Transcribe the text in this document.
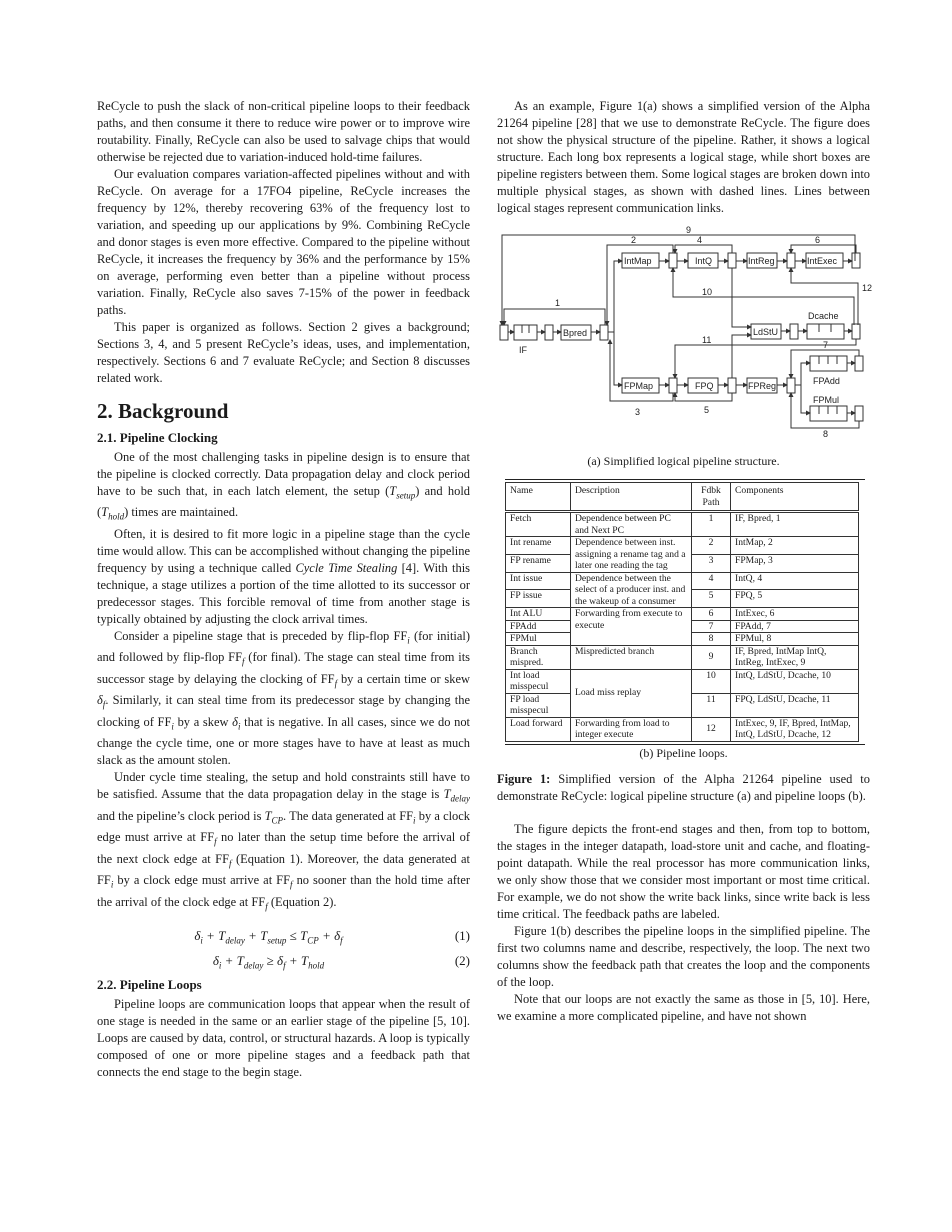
ReCycle to push the slack of non-critical pipeline loops to their feedback paths, and then consume it there to reduce wire power or to improve wire routability. Finally, ReCycle can also be used to salvage chips that would otherwise be rejected due to variation-induced hold-time failures.

Our evaluation compares variation-affected pipelines without and with ReCycle. On average for a 17FO4 pipeline, ReCycle increases the frequency by 12%, thereby recovering 63% of the frequency lost to variation, and speeding up our applications by 9%. Combining ReCycle and donor stages is even more effective. Compared to the pipeline without ReCycle, it increases the frequency by 36% and the performance by 15% on average, performing even better than a pipeline without process variation. Finally, ReCycle also saves 7-15% of the power in feedback paths.

This paper is organized as follows. Section 2 gives a background; Sections 3, 4, and 5 present ReCycle’s ideas, uses, and implementation, respectively. Sections 6 and 7 evaluate ReCycle; and Section 8 discusses related work.

2. Background
2.1. Pipeline Clocking

One of the most challenging tasks in pipeline design is to ensure that the pipeline is clocked correctly. Data propagation delay and clock period have to be such that, in each latch element, the setup $(T_{setup})$ and hold $(T_{hold})$ times are maintained.

Often, it is desired to fit more logic in a pipeline stage than the cycle time would allow. This can be accomplished without changing the pipeline frequency by using a technique called Cycle Time Stealing [4]. With this technique, a stage utilizes a portion of the time allotted to its successor or predecessor stages. This forcible removal of time from another stage is typically obtained by adjusting the clock arrival times.

Consider a pipeline stage that is preceded by flip-flop $FF_i$ (for initial) and followed by flip-flop $FF_f$ (for final). The stage can steal time from its successor stage by delaying the clocking of $FF_f$ by a certain time or skew $\delta_f$. Similarly, it can steal time from its predecessor stage by changing the clocking of $FF_i$ by a skew $\delta_i$ that is negative. In all cases, since we do not change the cycle time, one or more stages have to have at least as much slack as the amount stolen.

Under cycle time stealing, the setup and hold constraints still have to be satisfied. Assume that the data propagation delay in the stage is $T_{delay}$ and the pipeline’s clock period is $T_{CP}$. The data generated at $FF_i$ by a clock edge must arrive at $FF_f$ no later than the setup time before the arrival of the next clock edge at $FF_f$ (Equation 1). Moreover, the data generated at $FF_i$ by a clock edge must arrive at $FF_f$ no sooner than the hold time after the arrival of the clock edge at $FF_f$ (Equation 2).

$\delta_i + T_{delay} + T_{setup} \le T_{CP} + \delta_f$	(1)
$\delta_i + T_{delay} \ge \delta_f + T_{hold}$	(2)
2.2. Pipeline Loops

Pipeline loops are communication loops that appear when the result of one stage is needed in the same or an earlier stage of the pipeline [5, 10]. Loops are caused by data, control, or structural hazards. A loop is typically composed of one or more pipeline stages and a feedback path that connects the end stage to the begin stage.

As an example, Figure 1(a) shows a simplified version of the Alpha 21264 pipeline [28] that we use to demonstrate ReCycle. The figure does not show the physical structure of the pipeline. Rather, it shows a logical structure. Each long box represents a logical stage, while short boxes are pipeline registers between them. Some logical stages are broken down into multiple physical stages, as shown with dashed lines. Lines between logical stages represent communication links.

Bpred
IF
IntMap	IntQ	IntReg	IntExec
LdStU
Dcache
FPMap	FPQ	FPReg	FPAdd
FPMul
1
2
3
4
5
6
7
8
9
10
11
12
(a) Simplified logical pipeline structure.
Name	Description	Fdbk Path	Components
Fetch	Dependence between PC and Next PC	1	IF, Bpred, 1
Int rename	Dependence between inst. assigning a rename tag and a later one reading the tag	2	IntMap, 2
FP rename		3	FPMap, 3
Int issue	Dependence between the select of a producer inst. and the wakeup of a consumer	4	IntQ, 4
FP issue		5	FPQ, 5
Int ALU	Forwarding from execute to execute	6	IntExec, 6
FPAdd		7	FPAdd, 7
FPMul		8	FPMul, 8
Branch mispred.	Mispredicted branch	9	IF, Bpred, IntMap IntQ, IntReg, IntExec, 9
Int load misspecul	Load miss replay	10	IntQ, LdStU, Dcache, 10
FP load misspecul		11	FPQ, LdStU, Dcache, 11
Load forward	Forwarding from load to integer execute	12	IntExec, 9, IF, Bpred, IntMap, IntQ, LdStU, Dcache, 12
(b) Pipeline loops.
Figure 1: Simplified version of the Alpha 21264 pipeline used to demonstrate ReCycle: logical pipeline structure (a) and pipeline loops (b).

The figure depicts the front-end stages and then, from top to bottom, the stages in the integer datapath, load-store unit and cache, and floating-point datapath. While the real processor has more communication links, we only show those that we consider most important or most time critical. For example, we do not show the write back links, since write back is less time critical. The feedback paths are labeled.

Figure 1(b) describes the pipeline loops in the simplified pipeline. The first two columns name and describe, respectively, the loop. The next two columns show the feedback path that creates the loop and the components of the loop.

Note that our loops are not exactly the same as those in [5, 10]. Here, we examine a more complicated pipeline, and have not shown
